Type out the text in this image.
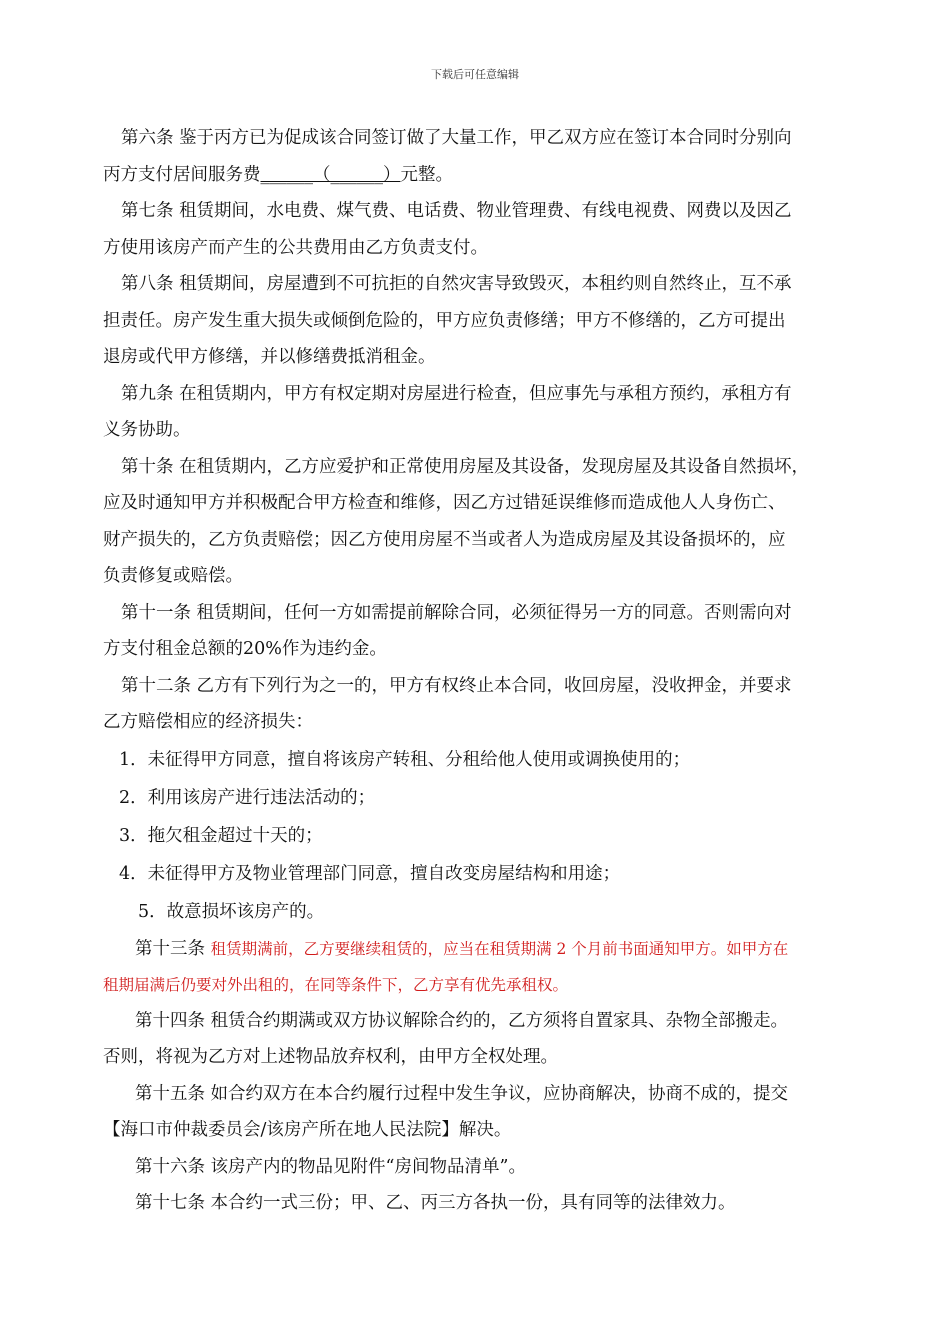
下载后可任意编辑

第六条 鉴于丙方已为促成该合同签订做了大量工作，甲乙双方应在签订本合同时分别向

丙方支付居间服务费______（______）元整。

第七条 租赁期间，水电费、煤气费、电话费、物业管理费、有线电视费、网费以及因乙

方使用该房产而产生的公共费用由乙方负责支付。

第八条 租赁期间，房屋遭到不可抗拒的自然灾害导致毁灭，本租约则自然终止，互不承

担责任。房产发生重大损失或倾倒危险的，甲方应负责修缮；甲方不修缮的，乙方可提出

退房或代甲方修缮，并以修缮费抵消租金。

第九条 在租赁期内，甲方有权定期对房屋进行检查，但应事先与承租方预约，承租方有

义务协助。

第十条 在租赁期内，乙方应爱护和正常使用房屋及其设备，发现房屋及其设备自然损坏，

应及时通知甲方并积极配合甲方检查和维修，因乙方过错延误维修而造成他人人身伤亡、

财产损失的，乙方负责赔偿；因乙方使用房屋不当或者人为造成房屋及其设备损坏的，应

负责修复或赔偿。

第十一条 租赁期间，任何一方如需提前解除合同，必须征得另一方的同意。否则需向对

方支付租金总额的20%作为违约金。

第十二条 乙方有下列行为之一的，甲方有权终止本合同，收回房屋，没收押金，并要求

乙方赔偿相应的经济损失：

1．未征得甲方同意，擅自将该房产转租、分租给他人使用或调换使用的；

2．利用该房产进行违法活动的；

3．拖欠租金超过十天的；

4．未征得甲方及物业管理部门同意，擅自改变房屋结构和用途；

5．故意损坏该房产的。

第十三条 租赁期满前，乙方要继续租赁的，应当在租赁期满 2 个月前书面通知甲方。如甲方在

租期届满后仍要对外出租的，在同等条件下，乙方享有优先承租权。

第十四条 租赁合约期满或双方协议解除合约的，乙方须将自置家具、杂物全部搬走。

否则，将视为乙方对上述物品放弃权利，由甲方全权处理。

第十五条 如合约双方在本合约履行过程中发生争议，应协商解决，协商不成的，提交

【海口市仲裁委员会/该房产所在地人民法院】解决。

第十六条 该房产内的物品见附件“房间物品清单”。

第十七条 本合约一式三份；甲、乙、丙三方各执一份，具有同等的法律效力。
